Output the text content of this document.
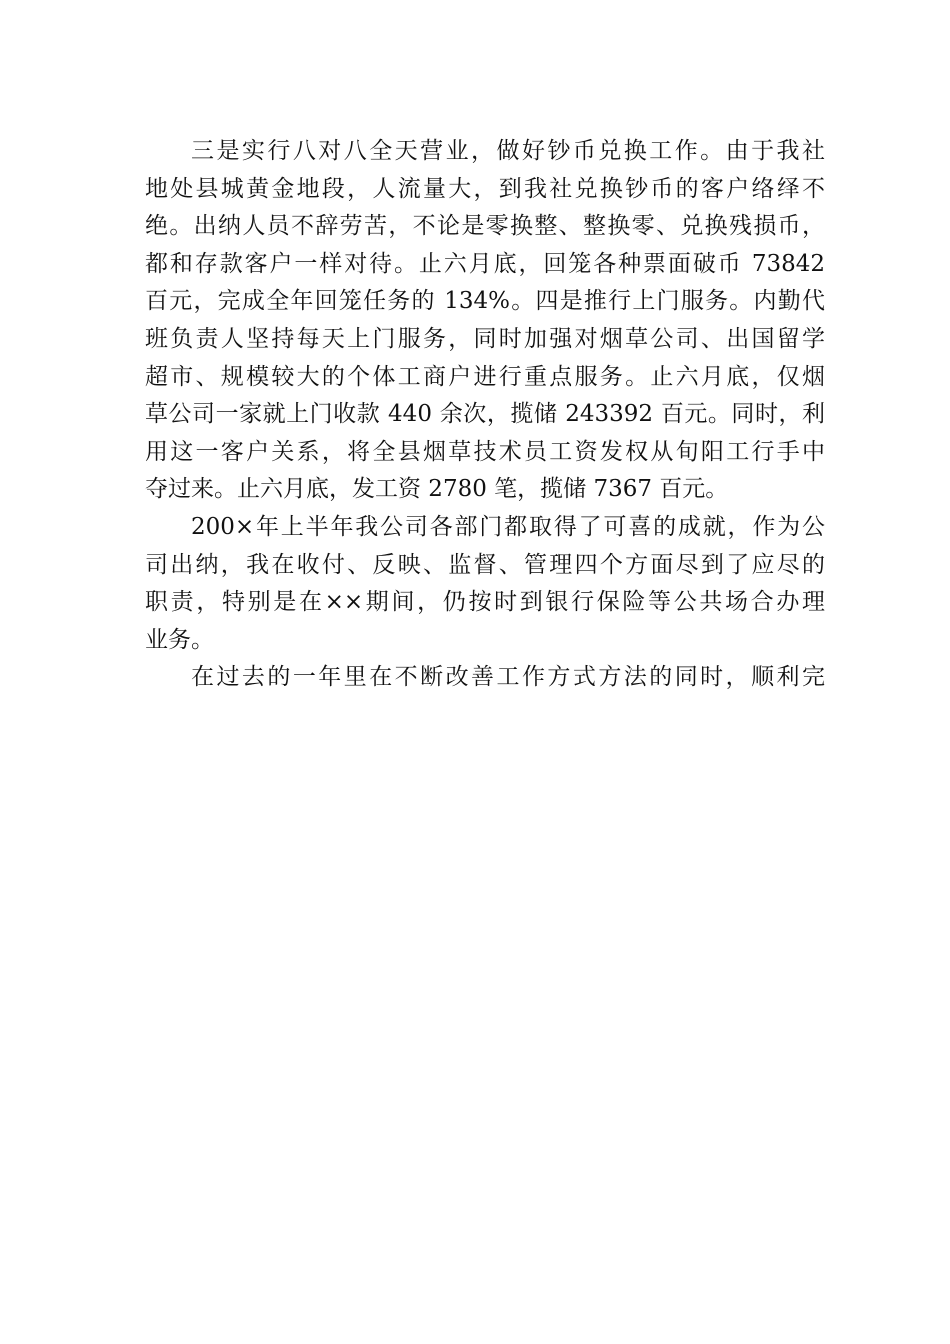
三是实行八对八全天营业，做好钞币兑换工作。由于我社
地处县城黄金地段，人流量大，到我社兑换钞币的客户络绎不
绝。出纳人员不辞劳苦，不论是零换整、整换零、兑换残损币，
都和存款客户一样对待。止六月底，回笼各种票面破币 73842
百元，完成全年回笼任务的 134%。四是推行上门服务。内勤代
班负责人坚持每天上门服务，同时加强对烟草公司、出国留学
超市、规模较大的个体工商户进行重点服务。止六月底，仅烟
草公司一家就上门收款 440 余次，揽储 243392 百元。同时，利
用这一客户关系，将全县烟草技术员工资发权从旬阳工行手中
夺过来。止六月底，发工资 2780 笔，揽储 7367 百元。
200×年上半年我公司各部门都取得了可喜的成就，作为公
司出纳，我在收付、反映、监督、管理四个方面尽到了应尽的
职责，特别是在××期间，仍按时到银行保险等公共场合办理
业务。
在过去的一年里在不断改善工作方式方法的同时，顺利完
